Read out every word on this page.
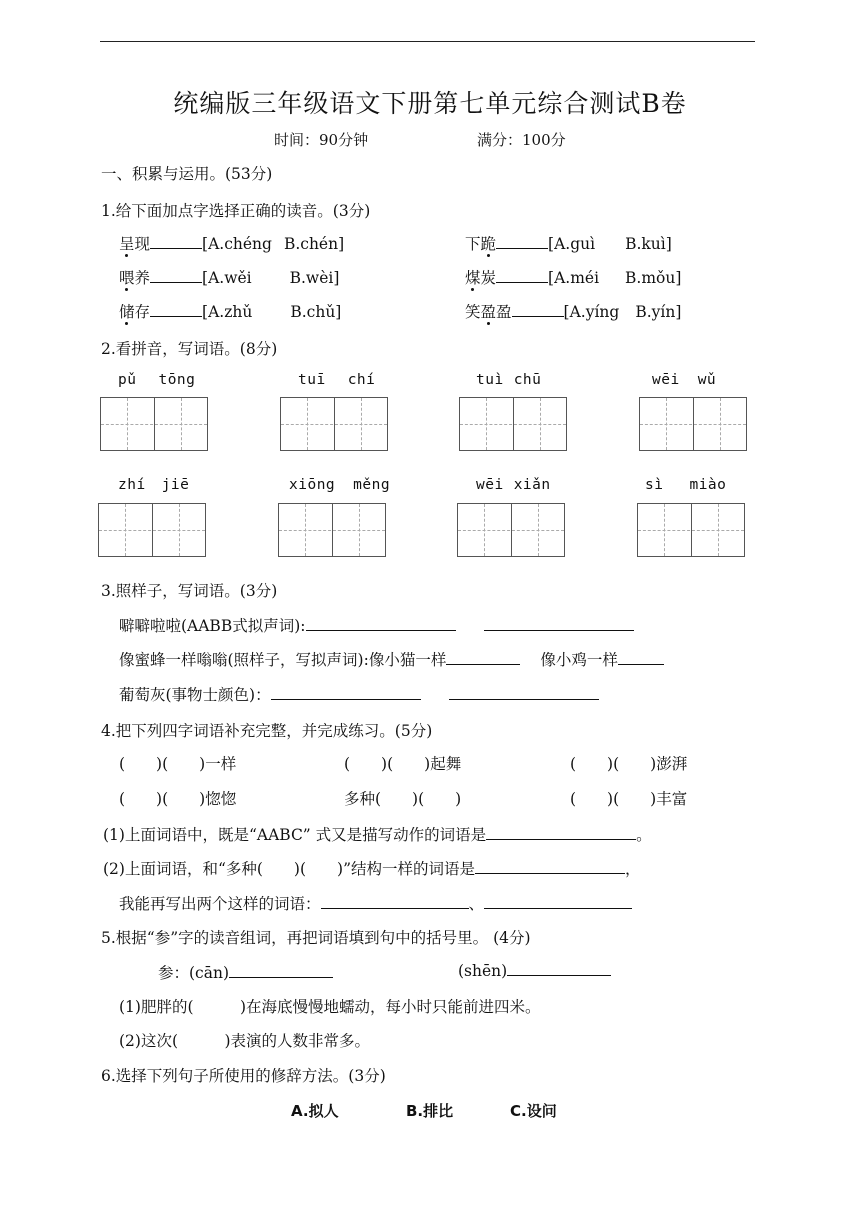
统编版三年级语文下册第七单元综合测试B卷
时间：90分钟	满分：100分
一、积累与运用。(53分)
1.给下面加点字选择正确的读音。(3分)
呈现	[A.chéng B.chén]	下跪	[A.guì B.kuì]
喂养	[A.wěi B.wèi]	煤炭	[A.méi B.mǒu]
储存	[A.zhǔ B.chǔ]	笑盈盈	[A.yíng B.yín]
2.看拼音，写词语。(8分)
pǔ tōng	tuī chí	tuì chū	wēi wǔ
zhí jiē	xiōng měng	wēi xiǎn	sì miào
3.照样子，写词语。(3分)
噼噼啦啦(AABB式拟声词):
像蜜蜂一样嗡嗡(照样子，写拟声词):像小猫一样	像小鸡一样
葡萄灰(事物士颜色)：
4.把下列四字词语补充完整，并完成练习。(5分)
(　　)(　　)一样	(　　)(　　)起舞	(　　)(　　)澎湃
(　　)(　　)惚惚	多种(　　)(　　)	(　　)(　　)丰富
(1)上面词语中，既是“AABC” 式又是描写动作的词语是	。
(2)上面词语，和“多种(　　)(　　)”结构一样的词语是	，
我能再写出两个这样的词语：	、
5.根据“参”字的读音组词，再把词语填到句中的括号里。 (4分)
参：(cān)	(shēn)
(1)肥胖的(　　　)在海底慢慢地蠕动，每小时只能前进四米。
(2)这次(　　　)表演的人数非常多。
6.选择下列句子所使用的修辞方法。(3分)
A.拟人	B.排比	C.设问
